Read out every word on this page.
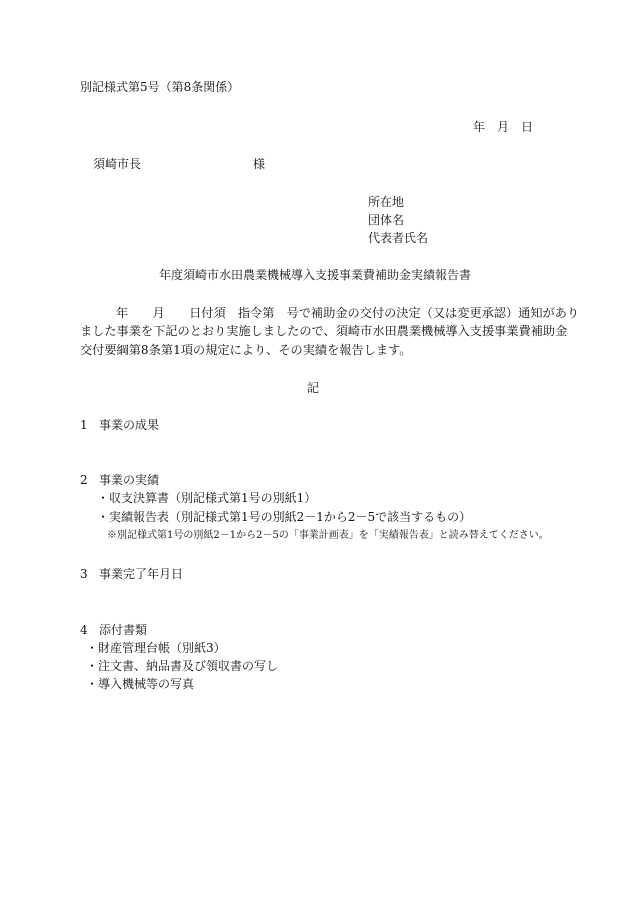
別記様式第5号（第8条関係）
年　月　日
須崎市長	様
所在地
団体名
代表者氏名
年度須崎市水田農業機械導入支援事業費補助金実績報告書
年　　月　　日付須　指令第　号で補助金の交付の決定（又は変更承認）通知があり
ました事業を下記のとおり実施しましたので、須崎市水田農業機械導入支援事業費補助金
交付要綱第8条第1項の規定により、その実績を報告します。
記
1 事業の成果
2 事業の実績
・収支決算書（別記様式第1号の別紙1）
・実績報告表（別記様式第1号の別紙2－1から2－5で該当するもの）
※別記様式第1号の別紙2－1から2－5の「事業計画表」を「実績報告表」と読み替えてください。
3 事業完了年月日
4 添付書類
・財産管理台帳（別紙3）
・注文書、納品書及び領収書の写し
・導入機械等の写真
